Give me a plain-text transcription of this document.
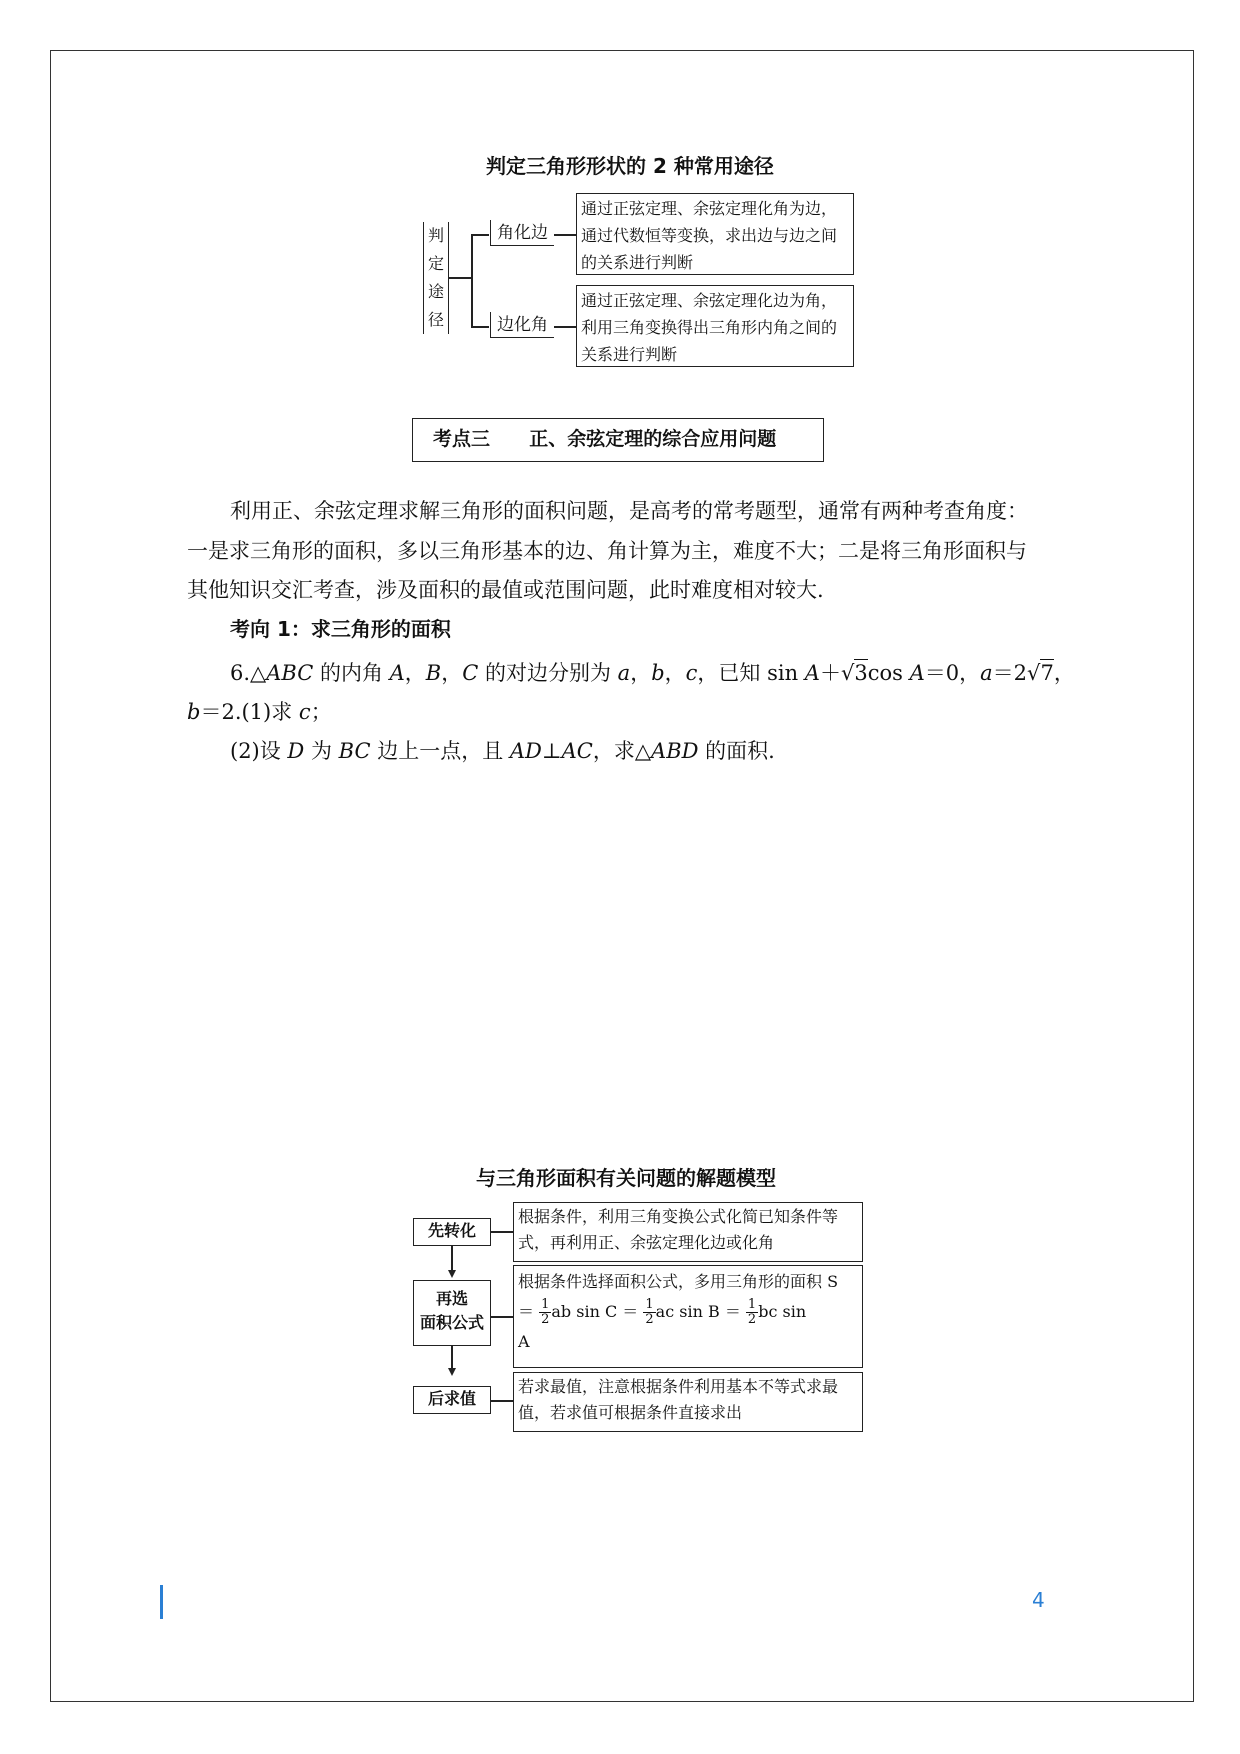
判定三角形形状的 2 种常用途径
判
定
途
径
角化边
通过正弦定理、余弦定理化角为边，通过代数恒等变换，求出边与边之间的关系进行判断
边化角
通过正弦定理、余弦定理化边为角，利用三角变换得出三角形内角之间的关系进行判断
考点三 正、余弦定理的综合应用问题
利用正、余弦定理求解三角形的面积问题，是高考的常考题型，通常有两种考查角度：
一是求三角形的面积，多以三角形基本的边、角计算为主，难度不大；二是将三角形面积与
其他知识交汇考查，涉及面积的最值或范围问题，此时难度相对较大.
考向 1：求三角形的面积
6.△ABC 的内角 A，B，C 的对边分别为 a，b，c，已知 sin A＋√3cos A＝0，a＝2√7，
b＝2.(1)求 c；
(2)设 D 为 BC 边上一点，且 AD⊥AC，求△ABD 的面积.
与三角形面积有关问题的解题模型
先转化
根据条件，利用三角变换公式化简已知条件等式，再利用正、余弦定理化边或化角
再选
面积公式
根据条件选择面积公式，多用三角形的面积 $S = \frac{1}{2}$ ab $\sin C = \frac{1}{2}$ ac $\sin B = \frac{1}{2}$ bc sin
A
后求值
若求最值，注意根据条件利用基本不等式求最值，若求值可根据条件直接求出
4
